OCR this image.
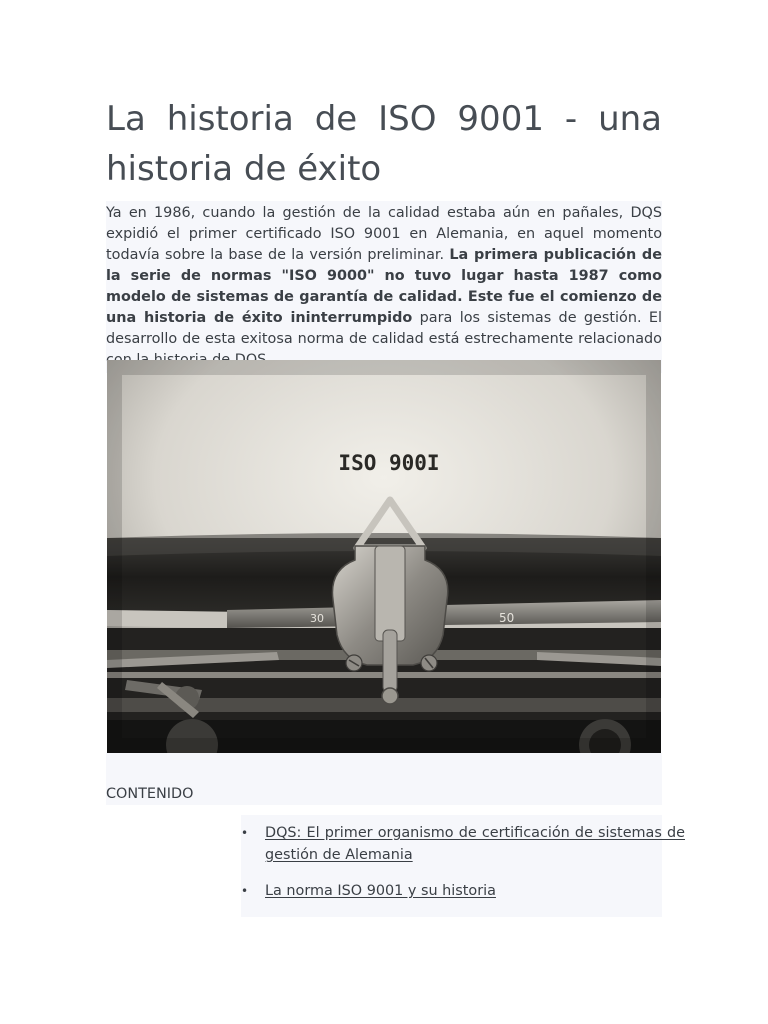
La historia de ISO 9001 - una historia de éxito

Ya en 1986, cuando la gestión de la calidad estaba aún en pañales, DQS expidió el primer certificado ISO 9001 en Alemania, en aquel momento todavía sobre la base de la versión preliminar. La primera publicación de la serie de normas "ISO 9000" no tuvo lugar hasta 1987 como modelo de sistemas de garantía de calidad. Este fue el comienzo de una historia de éxito ininterrumpido para los sistemas de gestión. El desarrollo de esta exitosa norma de calidad está estrechamente relacionado

ISO 900I
30	50
CONTENIDO
• DQS: El primer organismo de certificación de sistemas de gestión de Alemania
• La norma ISO 9001 y su historia
